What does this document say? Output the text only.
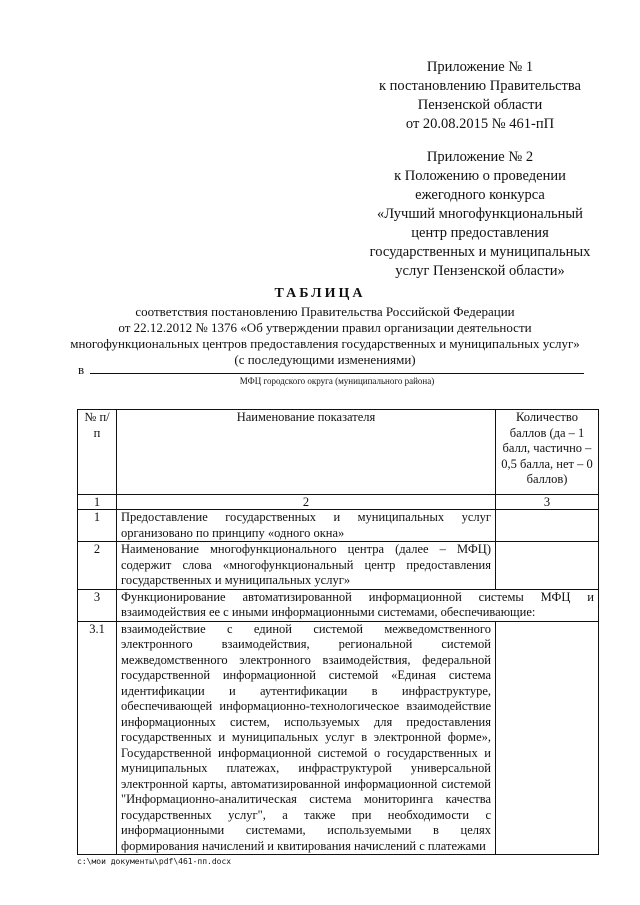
Приложение № 1
к постановлению Правительства
Пензенской области
от 20.08.2015 № 461-пП
Приложение № 2
к Положению о проведении
ежегодного конкурса
«Лучший многофункциональный
центр предоставления
государственных и муниципальных
услуг Пензенской области»
ТАБЛИЦА
соответствия постановлению Правительства Российской Федерации
от 22.12.2012 № 1376 «Об утверждении правил организации деятельности
многофункциональных центров предоставления государственных и муниципальных услуг»
(с последующими изменениями)
в
МФЦ городского округа (муниципального района)
№ п/п	Наименование показателя	Количество баллов (да – 1 балл, частично – 0,5 балла, нет – 0 баллов)
1	2	3
1	Предоставление государственных и муниципальных услуг организовано по принципу «одного окна»	
2	Наименование многофункционального центра (далее – МФЦ) содержит слова «многофункциональный центр предоставления государственных и муниципальных услуг»	
3	Функционирование автоматизированной информационной системы МФЦ и взаимодействия ее с иными информационными системами, обеспечивающие:	
3.1	взаимодействие с единой системой межведомственного электронного взаимодействия, региональной системой межведомственного электронного взаимодействия, федеральной государственной информационной системой «Единая система идентификации и аутентификации в инфраструктуре, обеспечивающей информационно-технологическое взаимодействие информационных систем, используемых для предоставления государственных и муниципальных услуг в электронной форме», Государственной информационной системой о государственных и муниципальных платежах, инфраструктурой универсальной электронной карты, автоматизированной информационной системой "Информационно-аналитическая система мониторинга качества государственных услуг", а также при необходимости с информационными системами, используемыми в целях формирования начислений и квитирования начислений с платежами	
c:\мои документы\pdf\461-пп.docx
